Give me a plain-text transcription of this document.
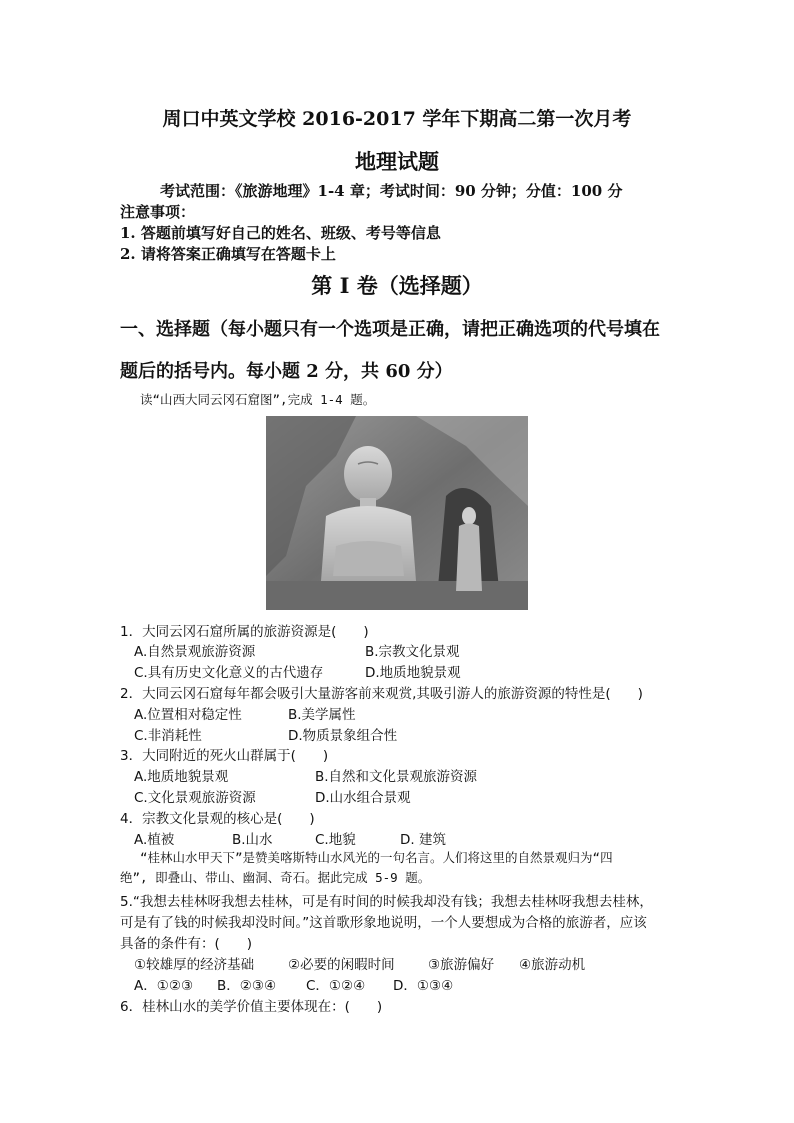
周口中英文学校 2016-2017 学年下期高二第一次月考
地理试题
考试范围：《旅游地理》1-4 章；考试时间：90 分钟；分值：100 分
注意事项：
1. 答题前填写好自己的姓名、班级、考号等信息
2. 请将答案正确填写在答题卡上
第 I 卷（选择题）
一、选择题（每小题只有一个选项是正确，请把正确选项的代号填在
题后的括号内。每小题 2 分，共 60 分）
读“山西大同云冈石窟图”,完成 1-4 题。
1．大同云冈石窟所属的旅游资源是(　　)
A.自然景观旅游资源	B.宗教文化景观
C.具有历史文化意义的古代遗存	D.地质地貌景观
2．大同云冈石窟每年都会吸引大量游客前来观赏,其吸引游人的旅游资源的特性是(　　)
A.位置相对稳定性	B.美学属性
C.非消耗性	D.物质景象组合性
3．大同附近的死火山群属于(　　)
A.地质地貌景观	B.自然和文化景观旅游资源
C.文化景观旅游资源	D.山水组合景观
4．宗教文化景观的核心是(　　)
A.植被	B.山水	C.地貌	D. 建筑
“桂林山水甲天下”是赞美喀斯特山水风光的一句名言。人们将这里的自然景观归为“四
绝”, 即叠山、带山、幽洞、奇石。据此完成 5-9 题。
5.“我想去桂林呀我想去桂林，可是有时间的时候我却没有钱；我想去桂林呀我想去桂林，
可是有了钱的时候我却没时间。”这首歌形象地说明，一个人要想成为合格的旅游者，应该
具备的条件有：(　　)
①较雄厚的经济基础	②必要的闲暇时间 ③旅游偏好 ④旅游动机
A．①②③ B．②③④ C．①②④ D．①③④
6．桂林山水的美学价值主要体现在：(　　)
